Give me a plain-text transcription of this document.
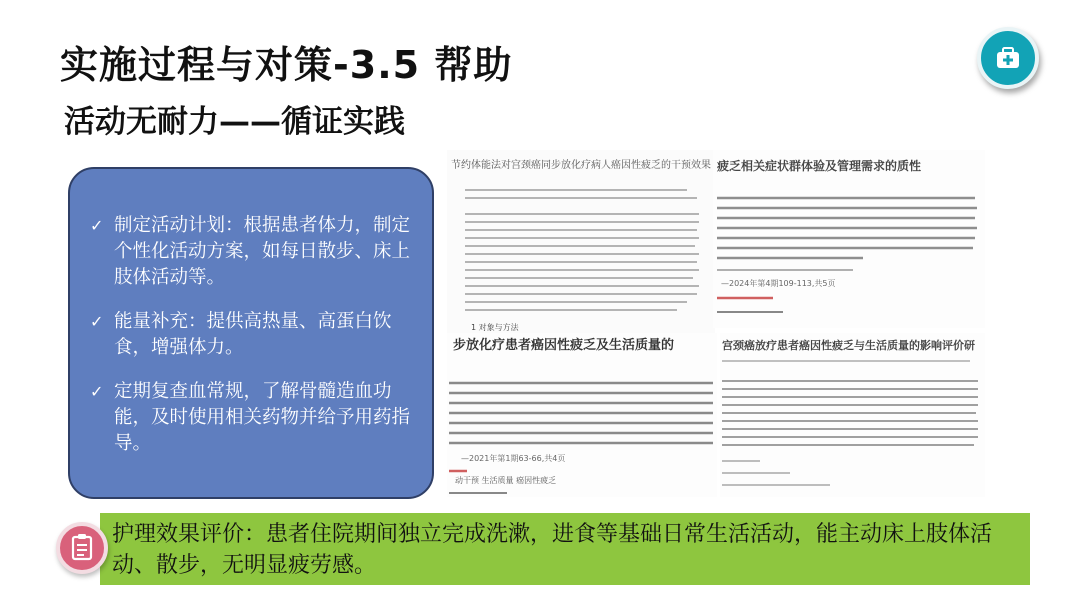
实施过程与对策-3.5 帮助
活动无耐力——循证实践
✓ 制定活动计划：根据患者体力，制定个性化活动方案，如每日散步、床上肢体活动等。
✓ 能量补充：提供高热量、高蛋白饮食，增强体力。
✓ 定期复查血常规，了解骨髓造血功能，及时使用相关药物并给予用药指导。
节约体能法对宫颈癌同步放化疗病人癌因性疲乏的干预效果
1 对象与方法
疲乏相关症状群体验及管理需求的质性
—2024年第4期109-113,共5页
步放化疗患者癌因性疲乏及生活质量的
—2021年第1期63-66,共4页
动干预 生活质量 癌因性疲乏
宫颈癌放疗患者癌因性疲乏与生活质量的影响评价研
护理效果评价：患者住院期间独立完成洗漱，进食等基础日常生活活动，能主动床上肢体活动、散步，无明显疲劳感。
